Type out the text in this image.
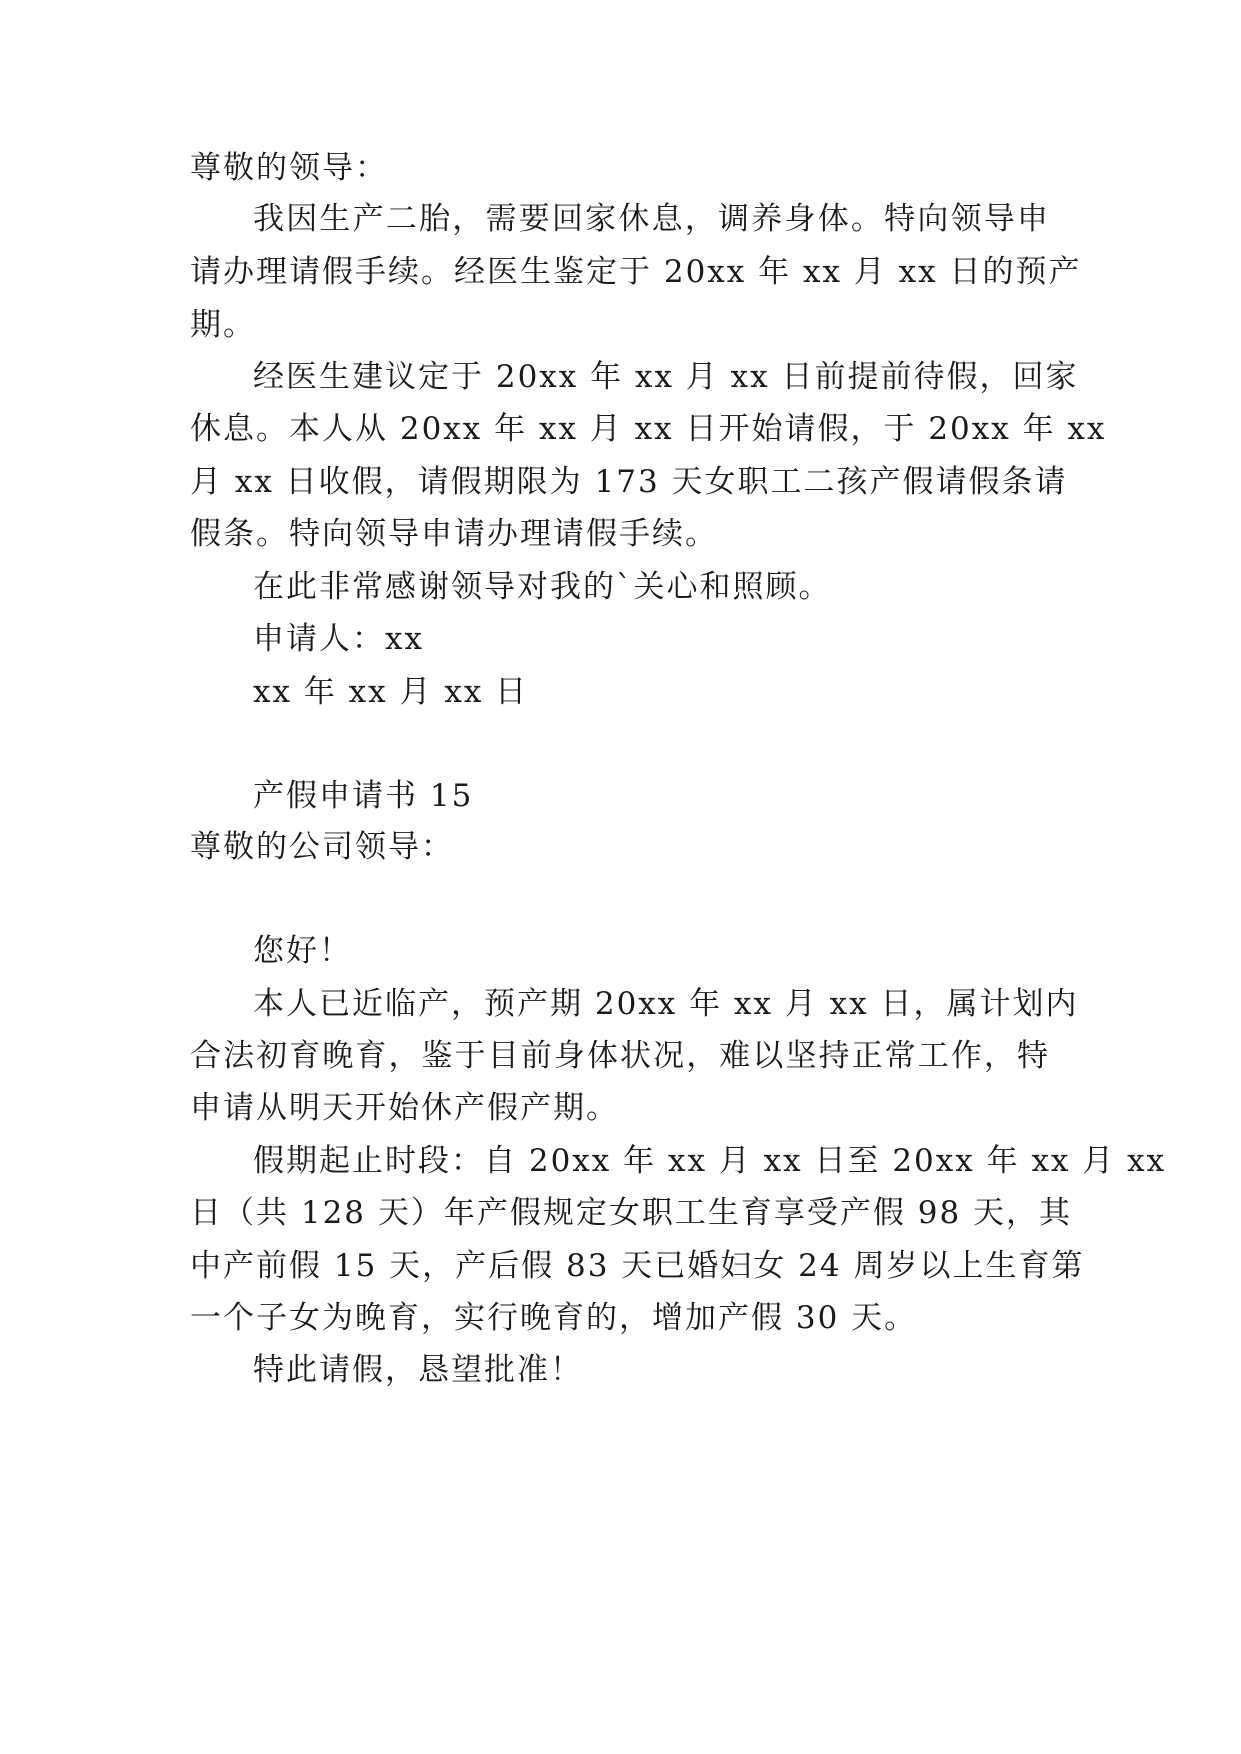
尊敬的领导：
我因生产二胎，需要回家休息，调养身体。特向领导申
请办理请假手续。经医生鉴定于 20xx 年 xx 月 xx 日的预产
期。
经医生建议定于 20xx 年 xx 月 xx 日前提前待假，回家
休息。本人从 20xx 年 xx 月 xx 日开始请假，于 20xx 年 xx
月 xx 日收假，请假期限为 173 天女职工二孩产假请假条请
假条。特向领导申请办理请假手续。
在此非常感谢领导对我的`关心和照顾。
申请人：xx
xx 年 xx 月 xx 日
产假申请书 15
尊敬的公司领导：
您好！
本人已近临产，预产期 20xx 年 xx 月 xx 日，属计划内
合法初育晚育，鉴于目前身体状况，难以坚持正常工作，特
申请从明天开始休产假产期。
假期起止时段：自 20xx 年 xx 月 xx 日至 20xx 年 xx 月 xx
日（共 128 天）年产假规定女职工生育享受产假 98 天，其
中产前假 15 天，产后假 83 天已婚妇女 24 周岁以上生育第
一个子女为晚育，实行晚育的，增加产假 30 天。
特此请假，恳望批准！
